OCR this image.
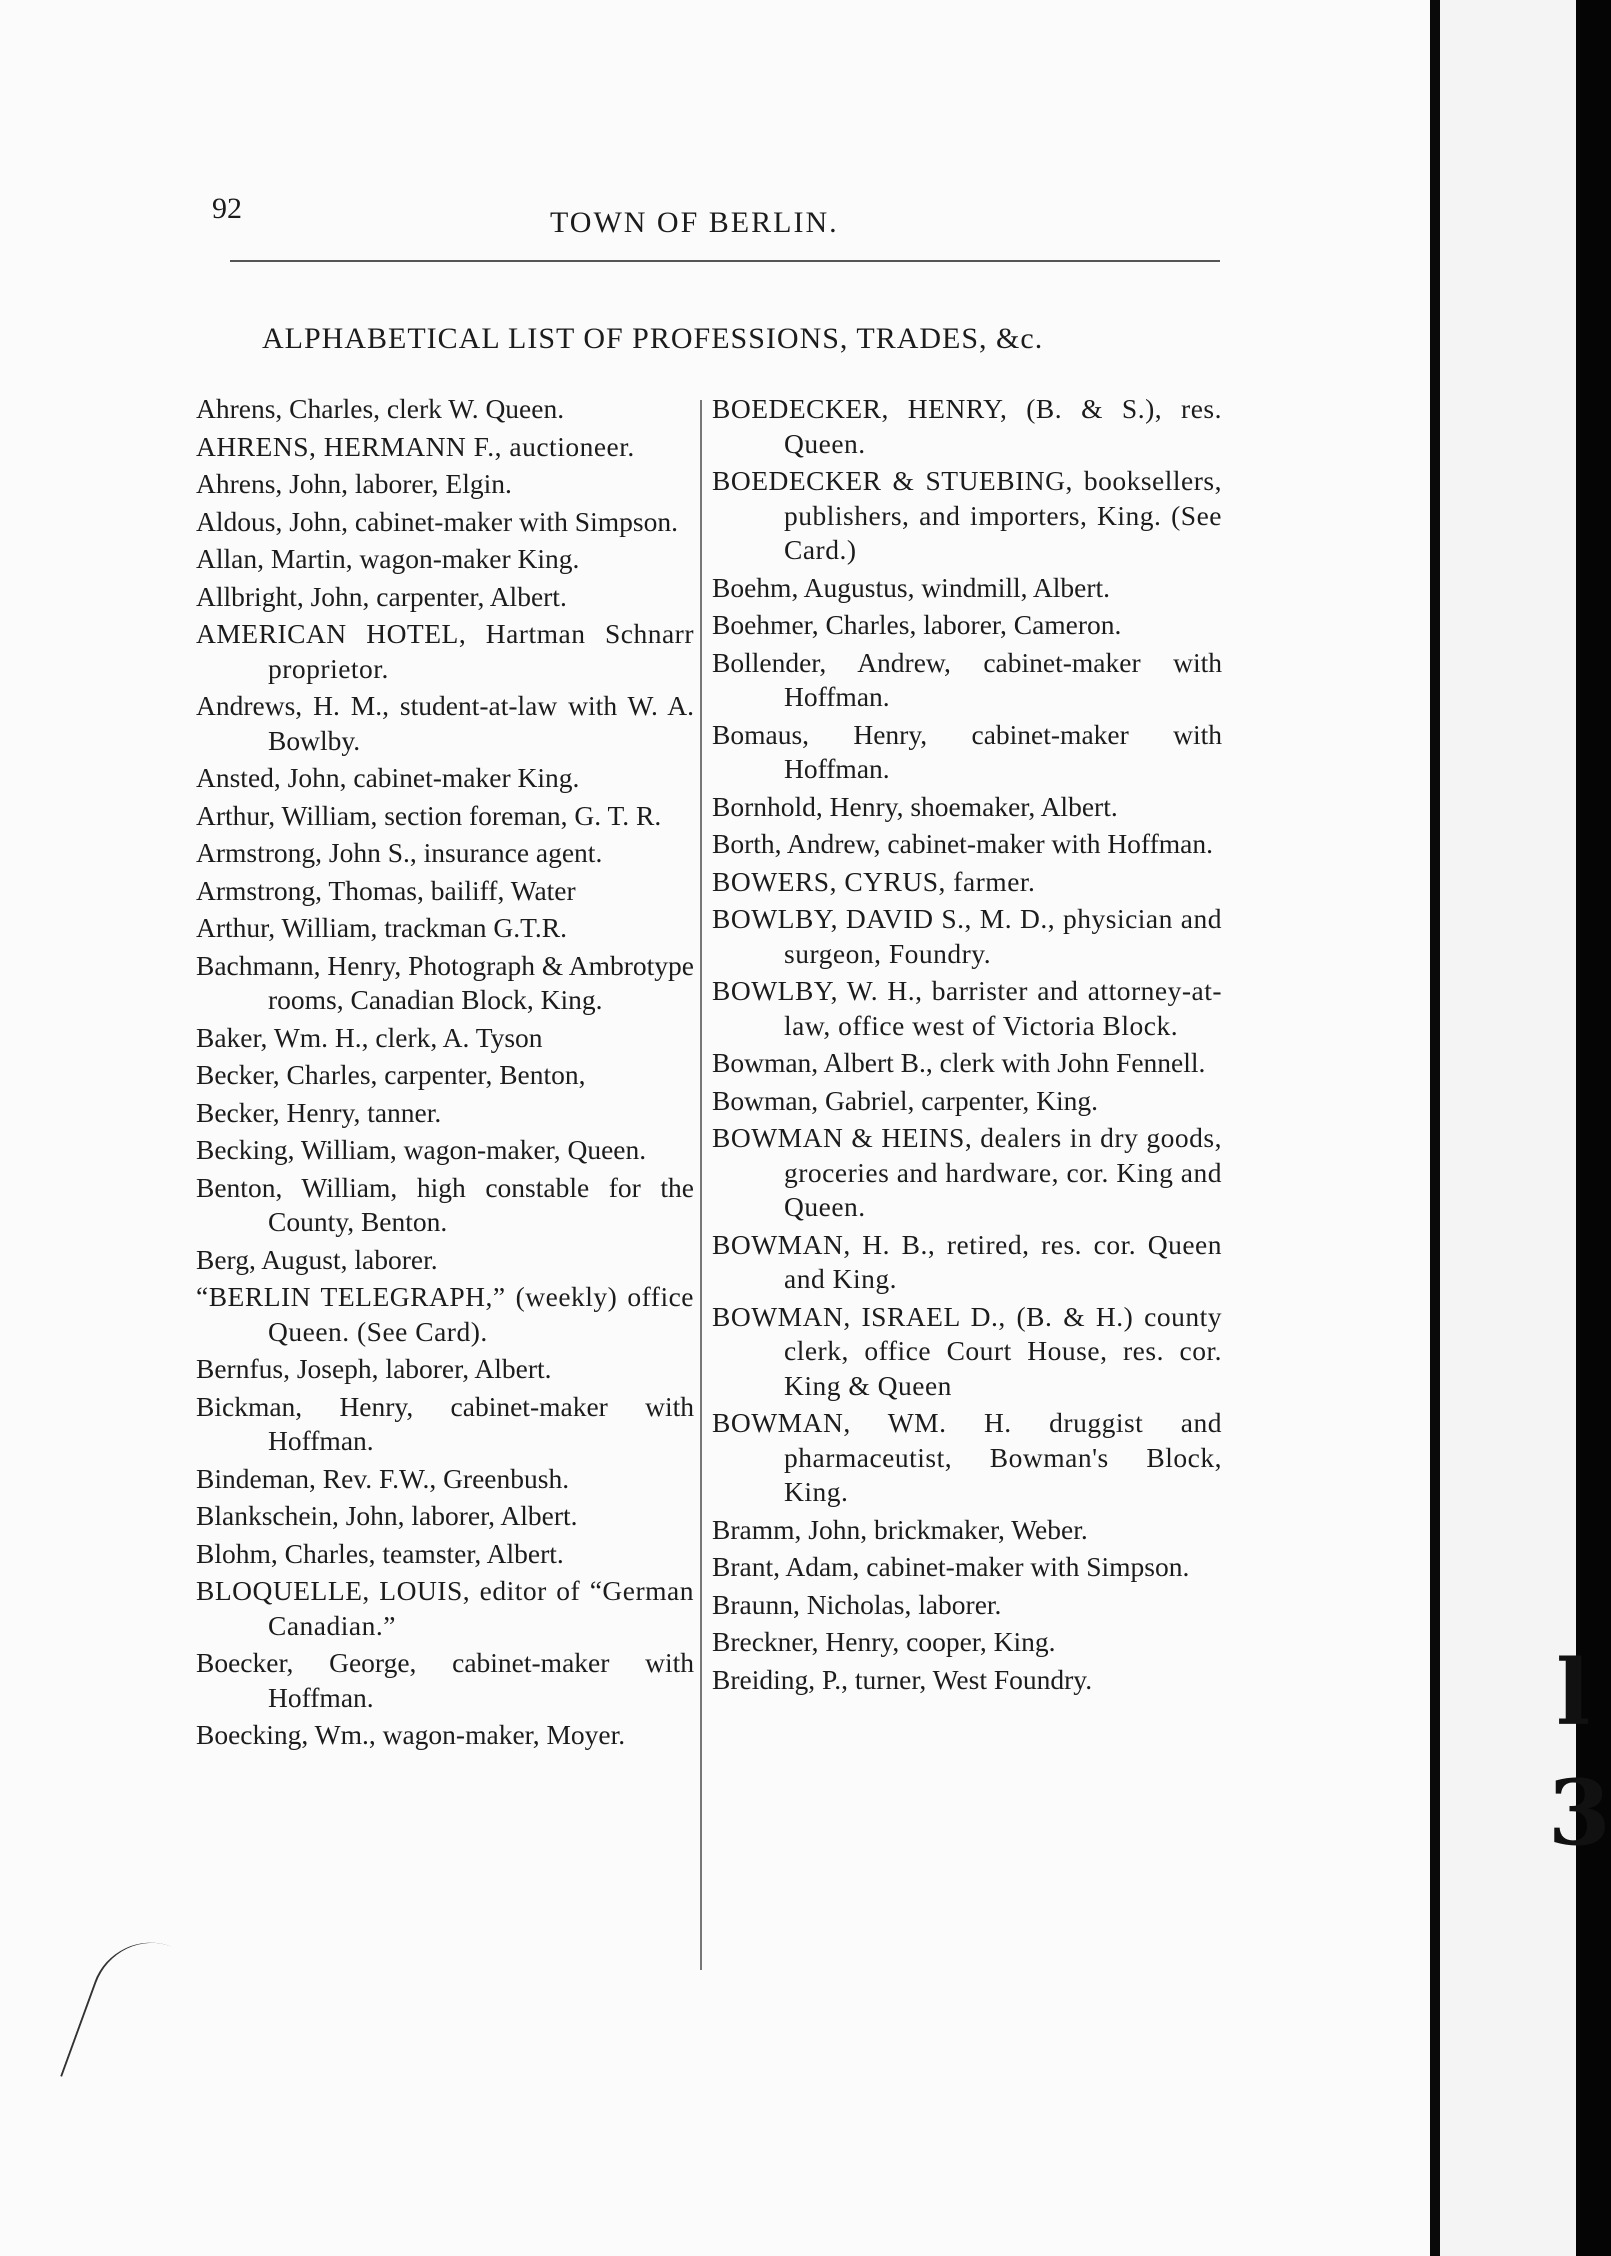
92	TOWN OF BERLIN.
ALPHABETICAL LIST OF PROFESSIONS, TRADES, &c.

Ahrens, Charles, clerk W. Queen.

AHRENS, HERMANN F., auctioneer.

Ahrens, John, laborer, Elgin.

Aldous, John, cabinet-maker with Simpson.

Allan, Martin, wagon-maker King.

Allbright, John, carpenter, Albert.

AMERICAN HOTEL, Hartman Schnarr proprietor.

Andrews, H. M., student-at-law with W. A. Bowlby.

Ansted, John, cabinet-maker King.

Arthur, William, section foreman, G. T. R.

Armstrong, John S., insurance agent.

Armstrong, Thomas, bailiff, Water

Arthur, William, trackman G.T.R.

Bachmann, Henry, Photograph & Ambrotype rooms, Canadian Block, King.

Baker, Wm. H., clerk, A. Tyson

Becker, Charles, carpenter, Benton,

Becker, Henry, tanner.

Becking, William, wagon-maker, Queen.

Benton, William, high constable for the County, Benton.

Berg, August, laborer.

“BERLIN TELEGRAPH,” (weekly) office Queen. (See Card).

Bernfus, Joseph, laborer, Albert.

Bickman, Henry, cabinet-maker with Hoffman.

Bindeman, Rev. F.W., Greenbush.

Blankschein, John, laborer, Albert.

Blohm, Charles, teamster, Albert.

BLOQUELLE, LOUIS, editor of “German Canadian.”

Boecker, George, cabinet-maker with Hoffman.

Boecking, Wm., wagon-maker, Moyer.

BOEDECKER, HENRY, (B. & S.), res. Queen.

BOEDECKER & STUEBING, booksellers, publishers, and importers, King. (See Card.)

Boehm, Augustus, windmill, Albert.

Boehmer, Charles, laborer, Cameron.

Bollender, Andrew, cabinet-maker with Hoffman.

Bomaus, Henry, cabinet-maker with Hoffman.

Bornhold, Henry, shoemaker, Albert.

Borth, Andrew, cabinet-maker with Hoffman.

BOWERS, CYRUS, farmer.

BOWLBY, DAVID S., M. D., physician and surgeon, Foundry.

BOWLBY, W. H., barrister and attorney-at-law, office west of Victoria Block.

Bowman, Albert B., clerk with John Fennell.

Bowman, Gabriel, carpenter, King.

BOWMAN & HEINS, dealers in dry goods, groceries and hardware, cor. King and Queen.

BOWMAN, H. B., retired, res. cor. Queen and King.

BOWMAN, ISRAEL D., (B. & H.) county clerk, office Court House, res. cor. King & Queen

BOWMAN, WM. H. druggist and pharmaceutist, Bowman's Block, King.

Bramm, John, brickmaker, Weber.

Brant, Adam, cabinet-maker with Simpson.

Braunn, Nicholas, laborer.

Breckner, Henry, cooper, King.

Breiding, P., turner, West Foundry.	l
3
